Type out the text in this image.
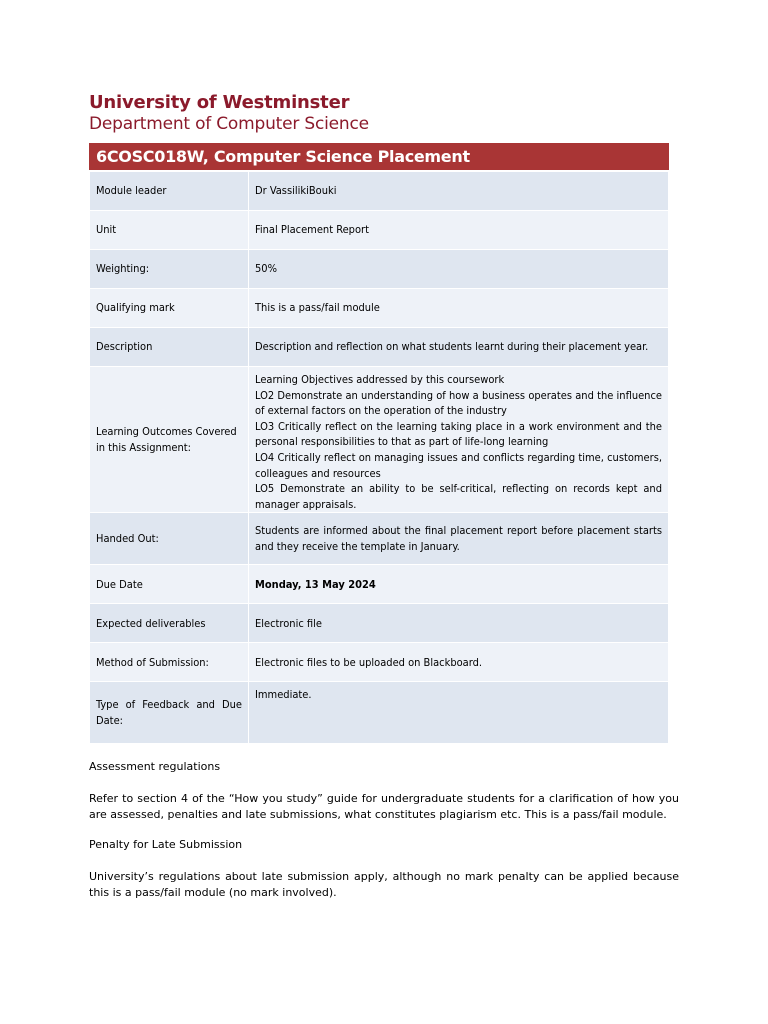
University of Westminster
Department of Computer Science
6COSC018W, Computer Science Placement
Module leader	Dr VassilikiBouki
Unit	Final Placement Report
Weighting:	50%
Qualifying mark	This is a pass/fail module
Description	Description and reflection on what students learnt during their placement year.
Learning Outcomes Covered in this Assignment:	Learning Objectives addressed by this coursework
LO2 Demonstrate an understanding of how a business operates and the influence of external factors on the operation of the industry
LO3 Critically reflect on the learning taking place in a work environment and the personal responsibilities to that as part of life-long learning
LO4 Critically reflect on managing issues and conflicts regarding time, customers, colleagues and resources
LO5 Demonstrate an ability to be self-critical, reflecting on records kept and manager appraisals.

Handed Out:	Students are informed about the final placement report before placement starts and they receive the template in January.
Due Date	Monday, 13 May 2024
Expected deliverables	Electronic file
Method of Submission:	Electronic files to be uploaded on Blackboard.
Type of Feedback and Due Date:	Immediate.
Assessment regulations
Refer to section 4 of the “How you study” guide for undergraduate students for a clarification of how you are assessed, penalties and late submissions, what constitutes plagiarism etc. This is a pass/fail module.
Penalty for Late Submission
University’s regulations about late submission apply, although no mark penalty can be applied because this is a pass/fail module (no mark involved).
